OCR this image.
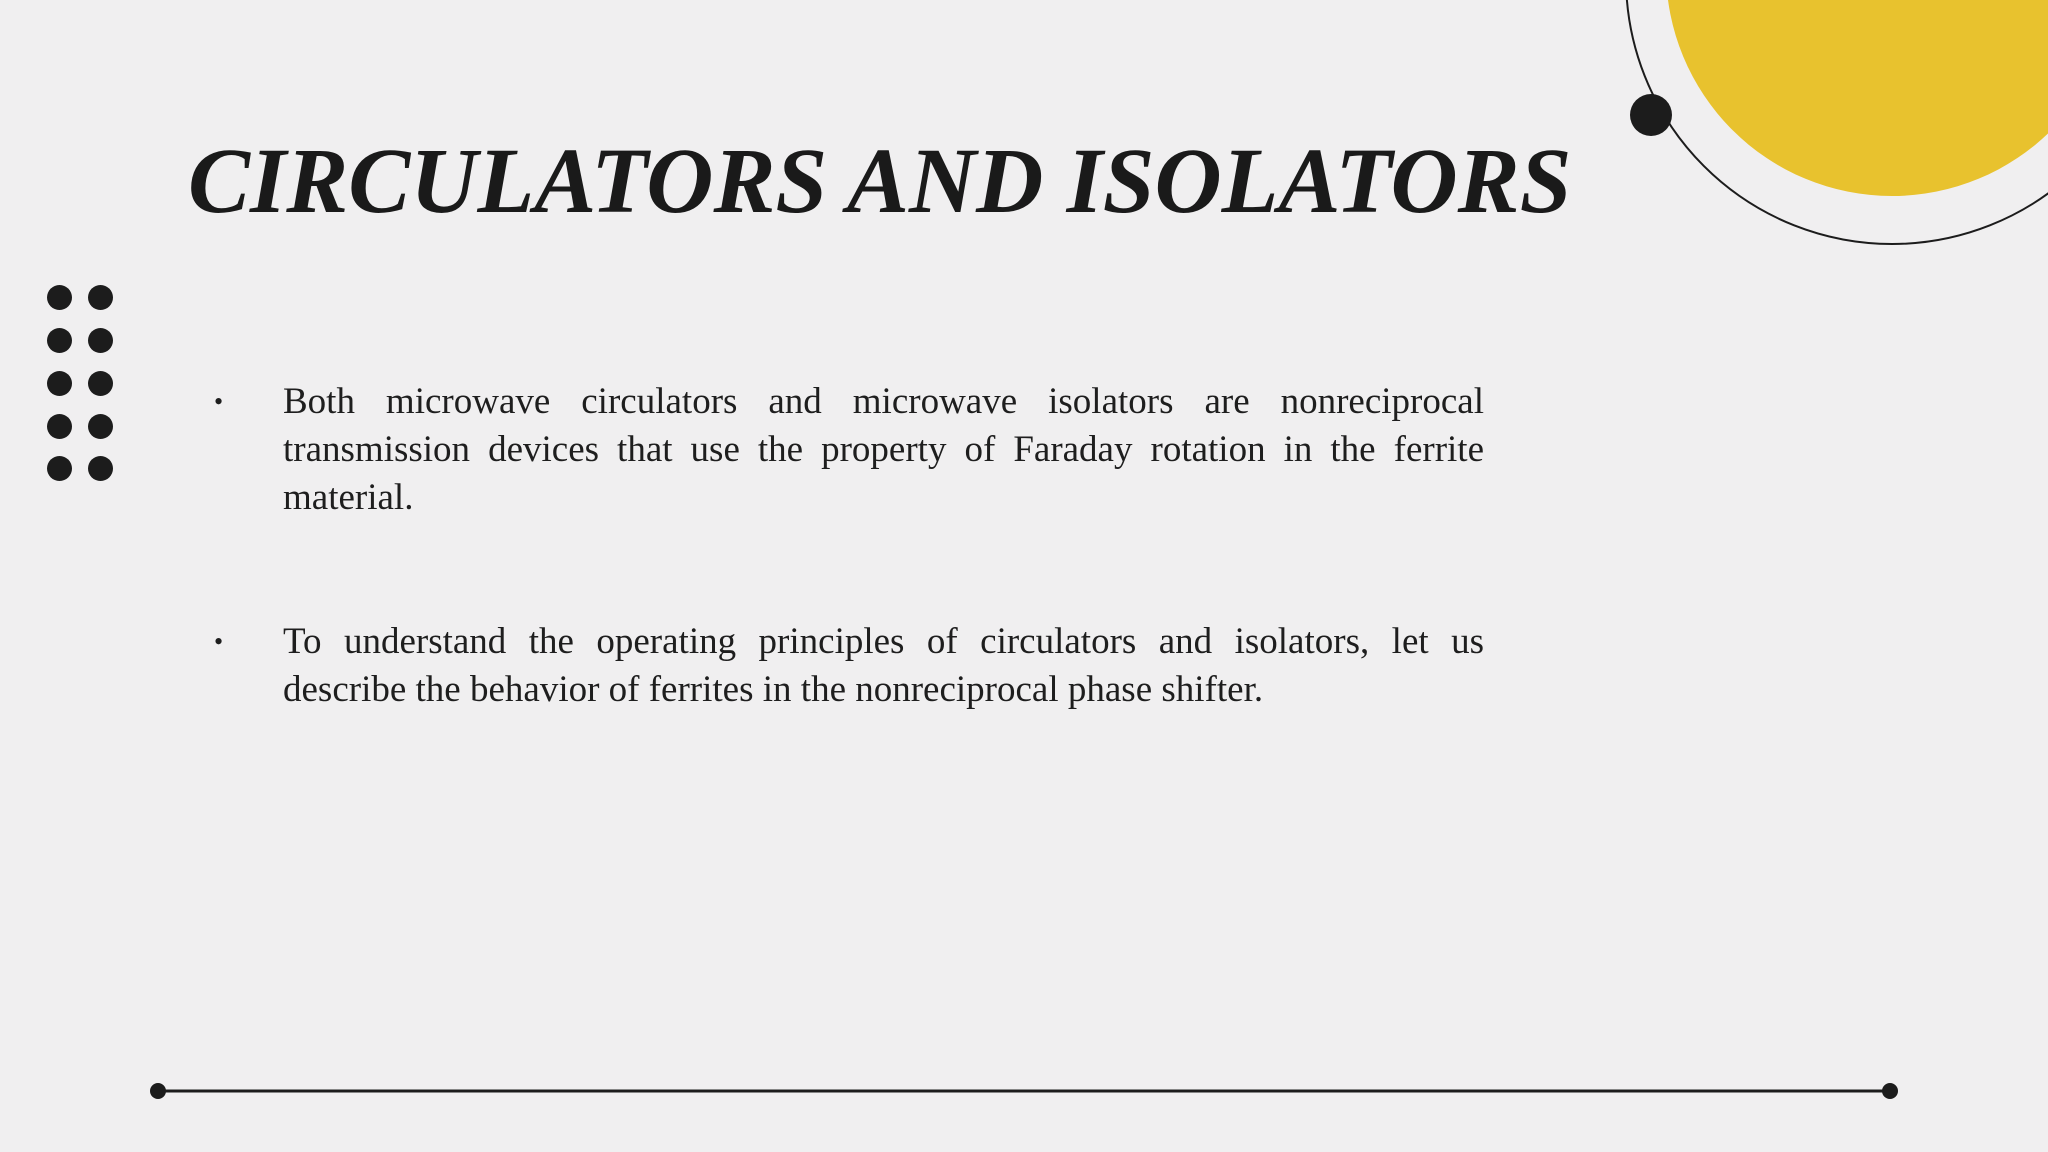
CIRCULATORS AND ISOLATORS
• Both microwave circulators and microwave isolators are nonreciprocal transmission devices that use the property of Faraday rotation in the ferrite material.
• To understand the operating principles of circulators and isolators, let us describe the behavior of ferrites in the nonreciprocal phase shifter.
